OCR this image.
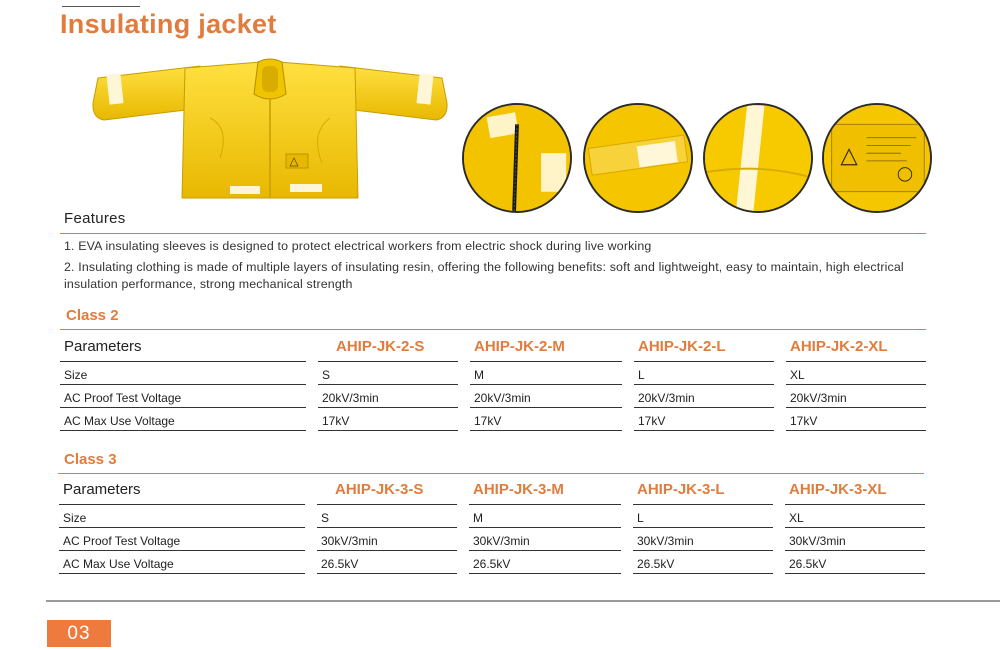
Insulating jacket
Features

1. EVA insulating sleeves is designed to protect electrical workers from electric shock during live working

2. Insulating clothing is made of multiple layers of insulating resin, offering the following benefits: soft and lightweight, easy to maintain, high electrical insulation performance, strong mechanical strength

Class 2
Parameters		AHIP-JK-2-S		AHIP-JK-2-M		AHIP-JK-2-L		AHIP-JK-2-XL
Size		S		M		L		XL
AC Proof Test Voltage		20kV/3min		20kV/3min		20kV/3min		20kV/3min
AC Max Use Voltage		17kV		17kV		17kV		17kV
Class 3
Parameters		AHIP-JK-3-S		AHIP-JK-3-M		AHIP-JK-3-L		AHIP-JK-3-XL
Size		S		M		L		XL
AC Proof Test Voltage		30kV/3min		30kV/3min		30kV/3min		30kV/3min
AC Max Use Voltage		26.5kV		26.5kV		26.5kV		26.5kV
03
